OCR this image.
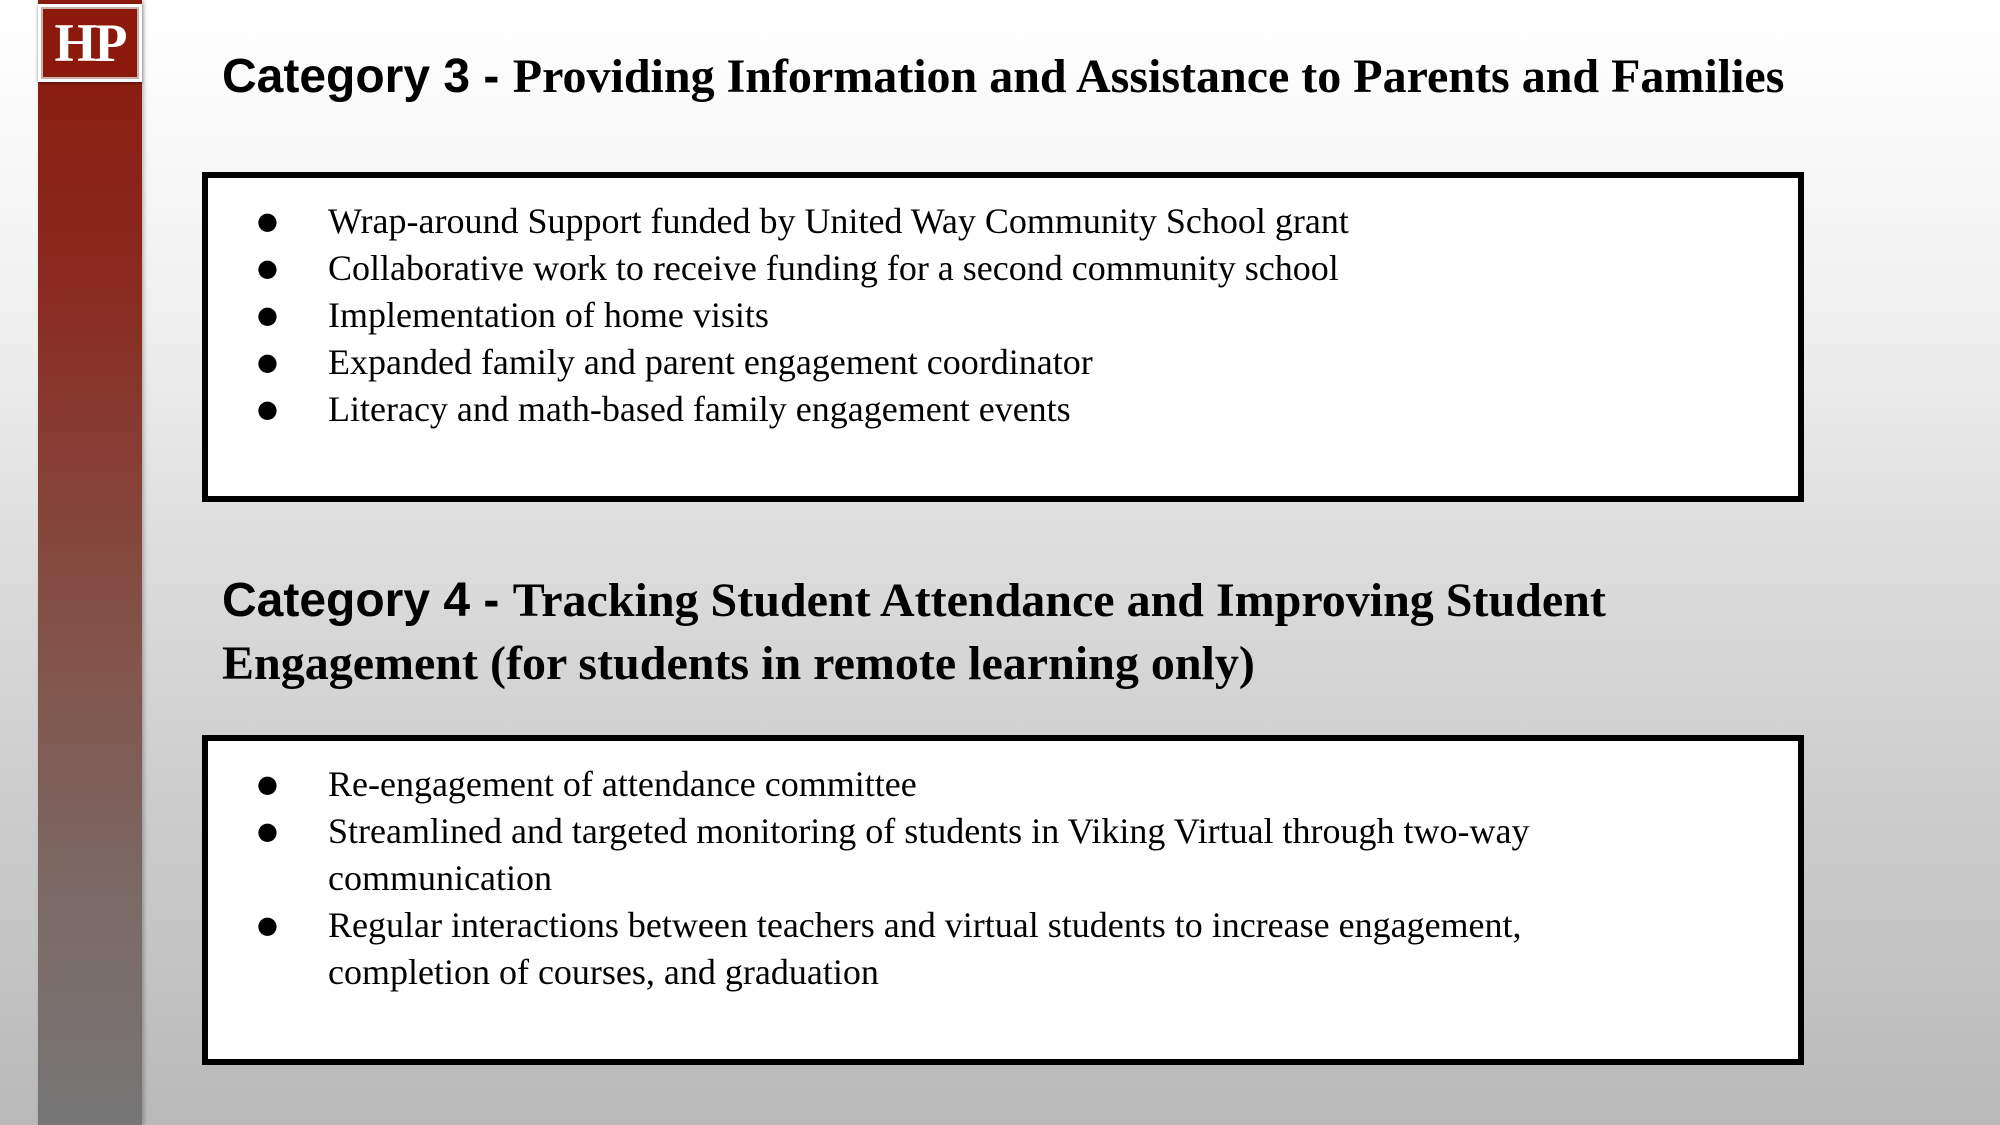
HP
Category 3 - Providing Information and Assistance to Parents and Families
● Wrap-around Support funded by United Way Community School grant
● Collaborative work to receive funding for a second community school
● Implementation of home visits
● Expanded family and parent engagement coordinator
● Literacy and math-based family engagement events
Category 4 - Tracking Student Attendance and Improving Student Engagement (for students in remote learning only)
● Re-engagement of attendance committee
● Streamlined and targeted monitoring of students in Viking Virtual through two-way communication
● Regular interactions between teachers and virtual students to increase engagement, completion of courses, and graduation
